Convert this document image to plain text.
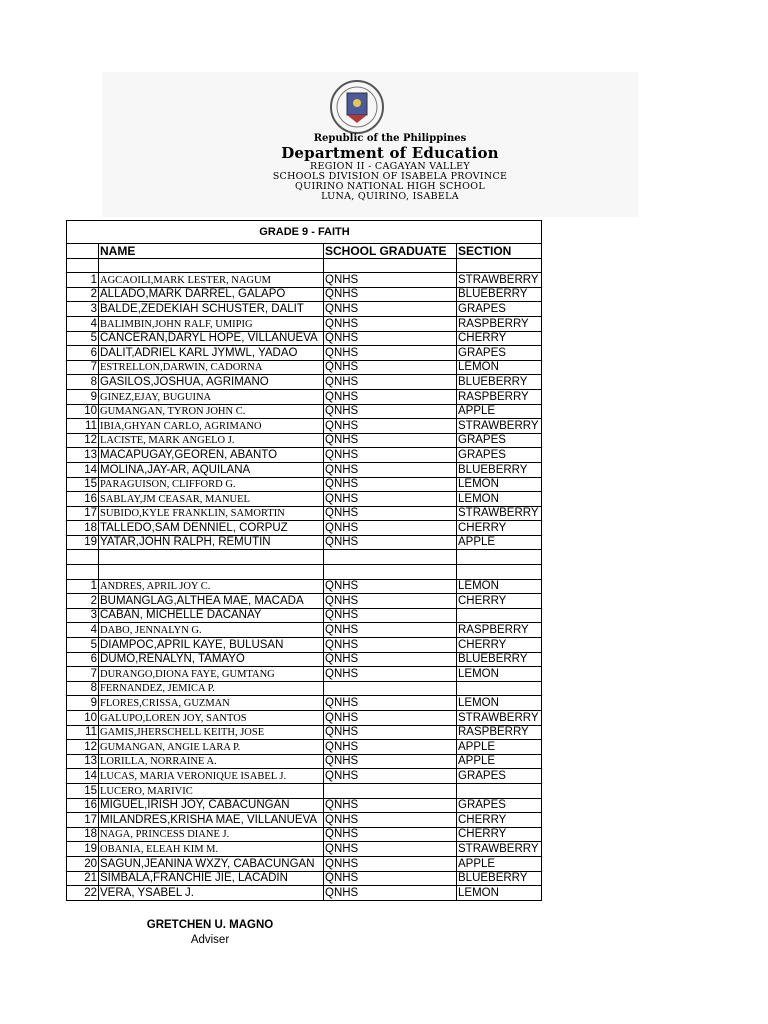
Republic of the Philippines
Department of Education
REGION II - CAGAYAN VALLEY
SCHOOLS DIVISION OF ISABELA PROVINCE
QUIRINO NATIONAL HIGH SCHOOL
LUNA, QUIRINO, ISABELA
GRADE 9 - FAITH			
	NAME	SCHOOL GRADUATE	SECTION

1	AGCAOILI,MARK LESTER, NAGUM	QNHS	STRAWBERRY
2	ALLADO,MARK DARREL, GALAPO	QNHS	BLUEBERRY
3	BALDE,ZEDEKIAH SCHUSTER, DALIT	QNHS	GRAPES
4	BALIMBIN,JOHN RALF, UMIPIG	QNHS	RASPBERRY
5	CANCERAN,DARYL HOPE, VILLANUEVA	QNHS	CHERRY
6	DALIT,ADRIEL KARL JYMWL, YADAO	QNHS	GRAPES
7	ESTRELLON,DARWIN, CADORNA	QNHS	LEMON
8	GASILOS,JOSHUA, AGRIMANO	QNHS	BLUEBERRY
9	GINEZ,EJAY, BUGUINA	QNHS	RASPBERRY
10	GUMANGAN, TYRON JOHN C.	QNHS	APPLE
11	IBIA,GHYAN CARLO, AGRIMANO	QNHS	STRAWBERRY
12	LACISTE, MARK ANGELO J.	QNHS	GRAPES
13	MACAPUGAY,GEOREN, ABANTO	QNHS	GRAPES
14	MOLINA,JAY-AR, AQUILANA	QNHS	BLUEBERRY
15	PARAGUISON, CLIFFORD G.	QNHS	LEMON
16	SABLAY,JM CEASAR, MANUEL	QNHS	LEMON
17	SUBIDO,KYLE FRANKLIN, SAMORTIN	QNHS	STRAWBERRY
18	TALLEDO,SAM DENNIEL, CORPUZ	QNHS	CHERRY
19	YATAR,JOHN RALPH, REMUTIN	QNHS	APPLE

1	ANDRES, APRIL JOY C.	QNHS	LEMON
2	BUMANGLAG,ALTHEA MAE, MACADA	QNHS	CHERRY
3	CABAN, MICHELLE DACANAY	QNHS	
4	DABO, JENNALYN G.	QNHS	RASPBERRY
5	DIAMPOC,APRIL KAYE, BULUSAN	QNHS	CHERRY
6	DUMO,RENALYN, TAMAYO	QNHS	BLUEBERRY
7	DURANGO,DIONA FAYE, GUMTANG	QNHS	LEMON
8	FERNANDEZ, JEMICA P.		
9	FLORES,CRISSA, GUZMAN	QNHS	LEMON
10	GALUPO,LOREN JOY, SANTOS	QNHS	STRAWBERRY
11	GAMIS,JHERSCHELL KEITH, JOSE	QNHS	RASPBERRY
12	GUMANGAN, ANGIE LARA P.	QNHS	APPLE
13	LORILLA, NORRAINE A.	QNHS	APPLE
14	LUCAS, MARIA VERONIQUE ISABEL J.	QNHS	GRAPES
15	LUCERO, MARIVIC		
16	MIGUEL,IRISH JOY, CABACUNGAN	QNHS	GRAPES
17	MILANDRES,KRISHA MAE, VILLANUEVA	QNHS	CHERRY
18	NAGA, PRINCESS DIANE J.	QNHS	CHERRY
19	OBANIA, ELEAH KIM M.	QNHS	STRAWBERRY
20	SAGUN,JEANINA WXZY, CABACUNGAN	QNHS	APPLE
21	SIMBALA,FRANCHIE JIE, LACADIN	QNHS	BLUEBERRY
22	VERA, YSABEL J.	QNHS	LEMON
GRETCHEN U. MAGNO
Adviser
